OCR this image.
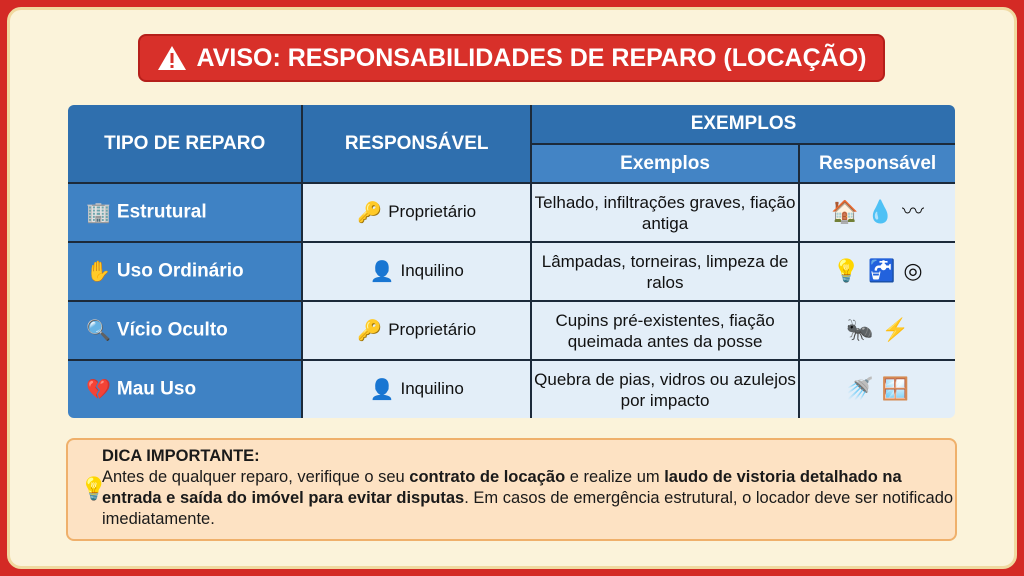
AVISO: RESPONSABILIDADES DE REPARO (LOCAÇÃO)
TIPO DE REPARO	RESPONSÁVEL	EXEMPLOS	
		Exemplos	Responsável
🏢 Estrutural	🔑 Proprietário	Telhado, infiltrações graves, fiação antiga	🏠 💧 〰
✋ Uso Ordinário	👤 Inquilino	Lâmpadas, torneiras, limpeza de ralos	💡 🚰 ◎
🔍 Vício Oculto	🔑 Proprietário	Cupins pré-existentes, fiação queimada antes da posse	🐜 ⚡
💔 Mau Uso	👤 Inquilino	Quebra de pias, vidros ou azulejos por impacto	🚿 🪟
💡
DICA IMPORTANTE:
Antes de qualquer reparo, verifique o seu contrato de locação e realize um laudo de vistoria detalhado na entrada e saída do imóvel para evitar disputas. Em casos de emergência estrutural, o locador deve ser notificado imediatamente.
